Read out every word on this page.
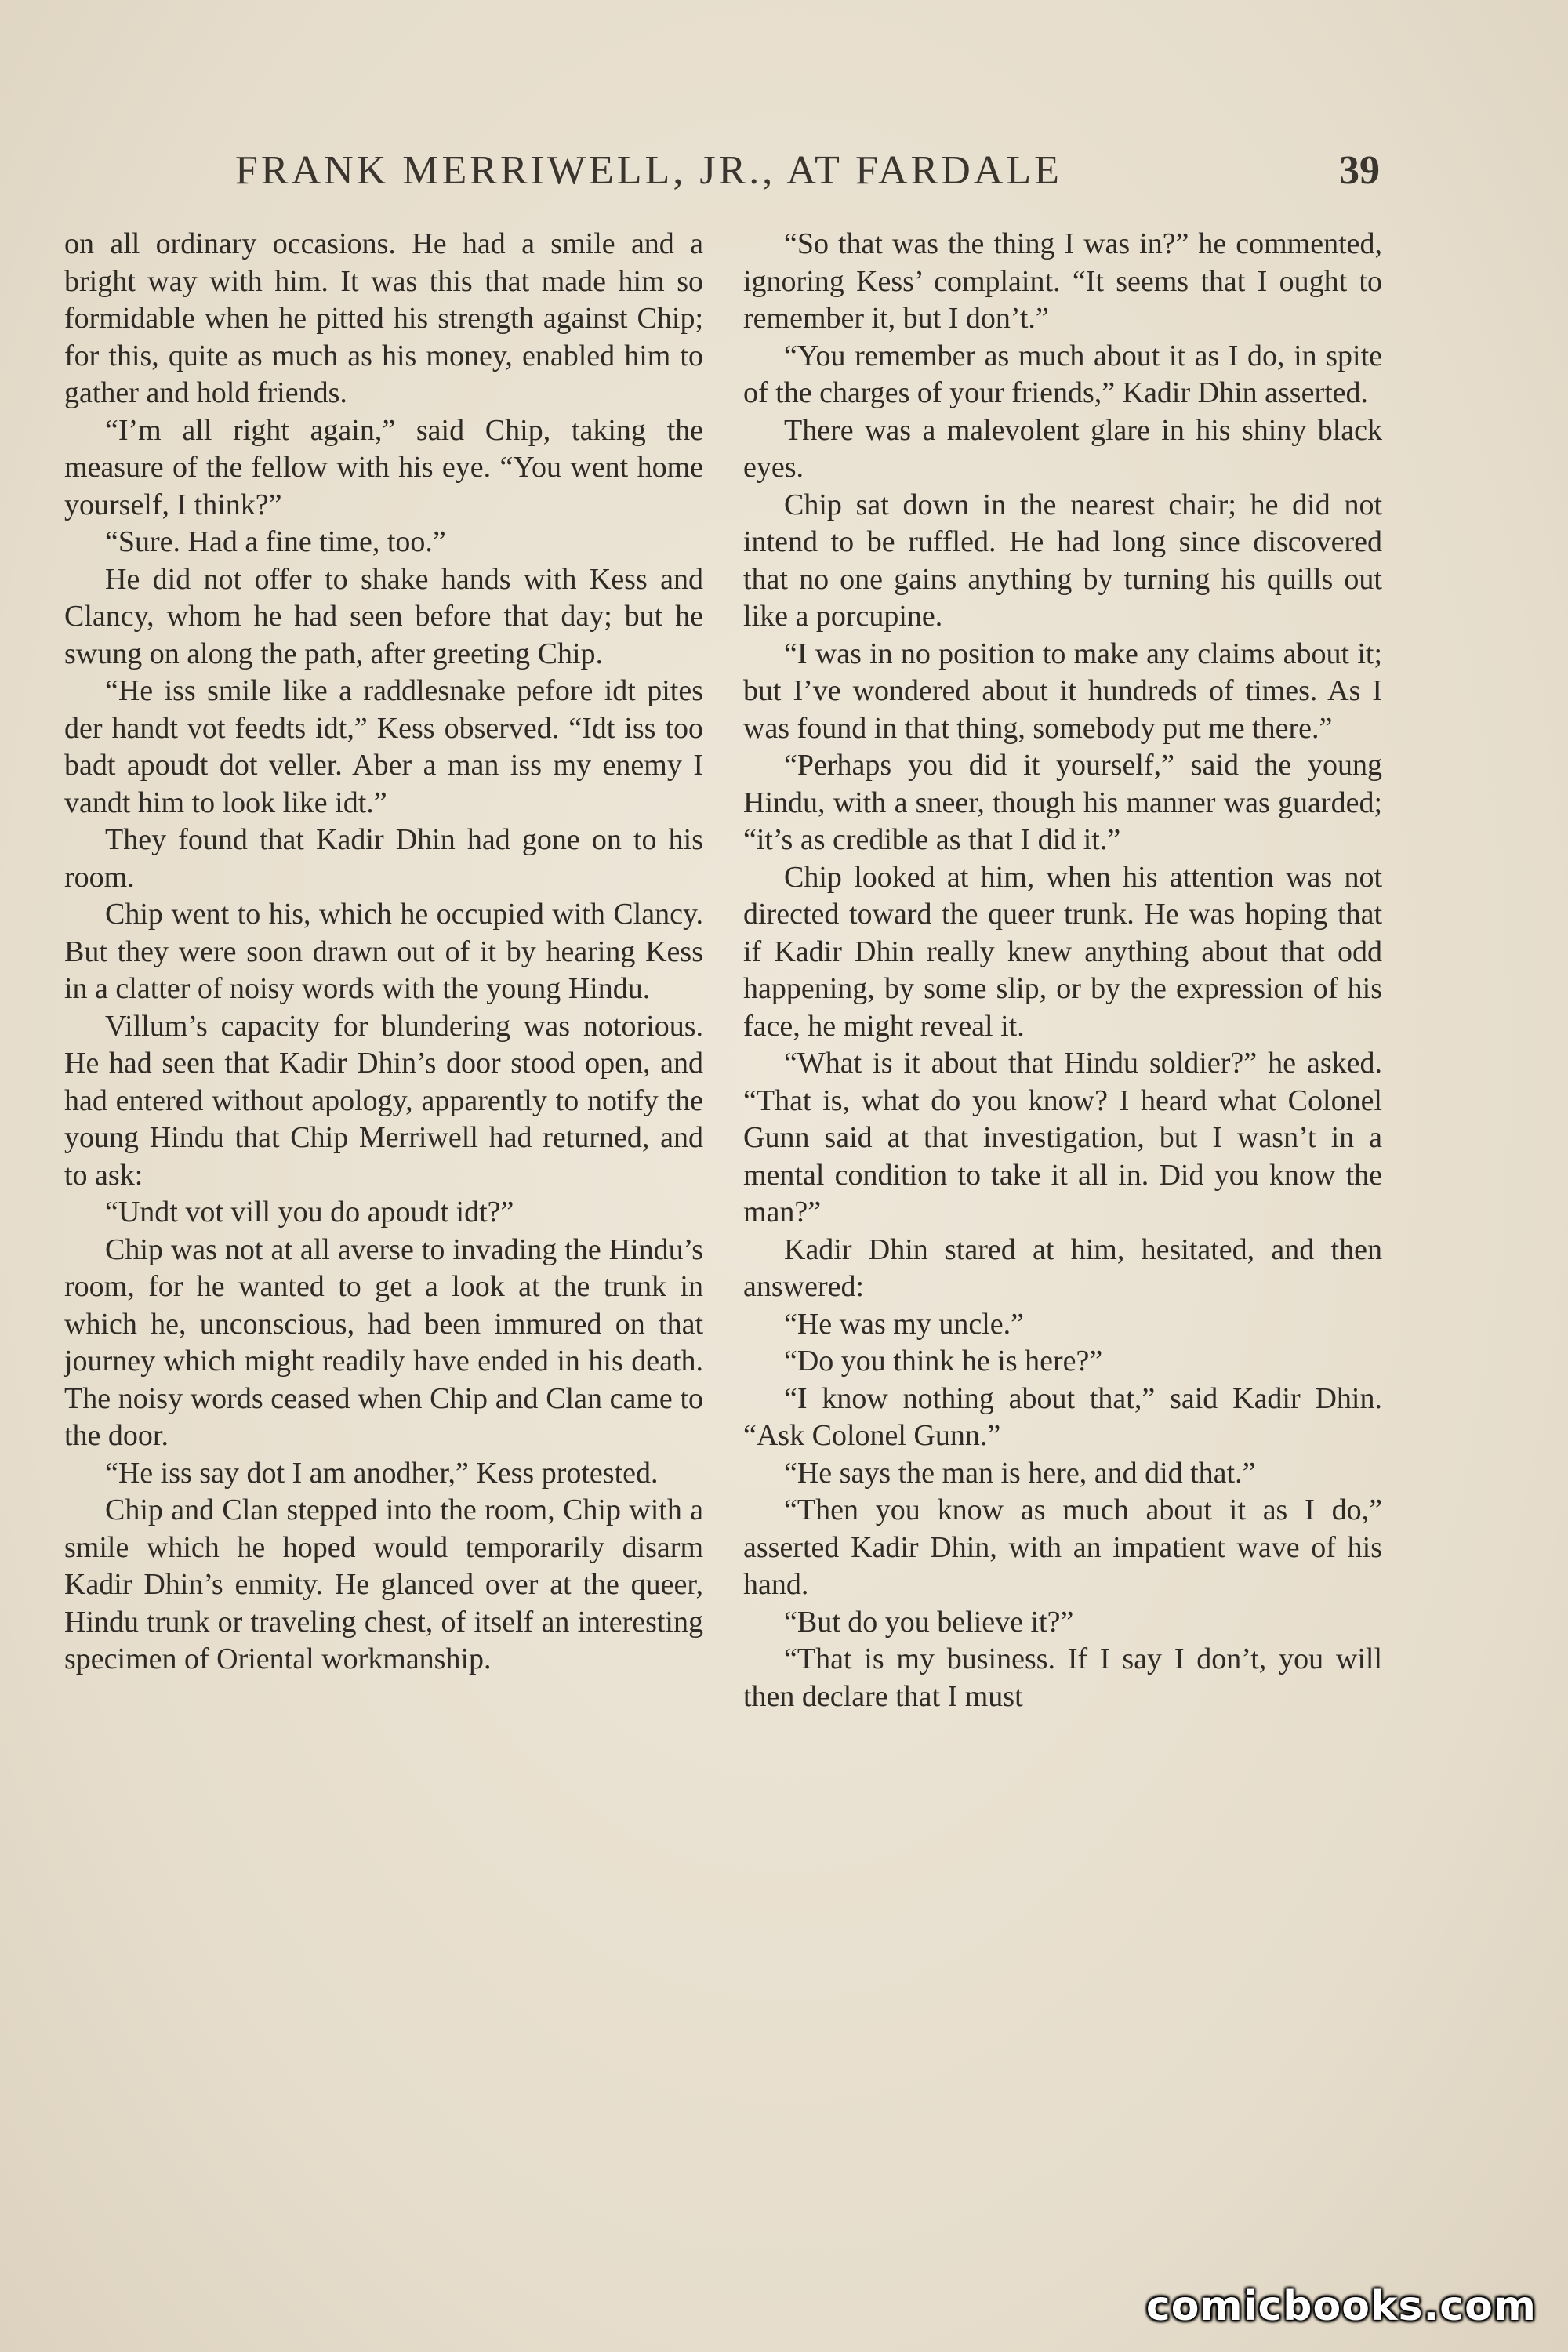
FRANK MERRIWELL, JR., AT FARDALE	39

on all ordinary occasions. He had a smile and a bright way with him. It was this that made him so formidable when he pitted his strength against Chip; for this, quite as much as his money, enabled him to gather and hold friends.

“I’m all right again,” said Chip, taking the measure of the fellow with his eye. “You went home yourself, I think?”

“Sure. Had a fine time, too.”

He did not offer to shake hands with Kess and Clancy, whom he had seen before that day; but he swung on along the path, after greeting Chip.

“He iss smile like a raddlesnake pefore idt pites der handt vot feedts idt,” Kess observed. “Idt iss too badt apoudt dot veller. Aber a man iss my enemy I vandt him to look like idt.”

They found that Kadir Dhin had gone on to his room.

Chip went to his, which he occupied with Clancy. But they were soon drawn out of it by hearing Kess in a clatter of noisy words with the young Hindu.

Villum’s capacity for blundering was notorious. He had seen that Kadir Dhin’s door stood open, and had entered without apology, apparently to notify the young Hindu that Chip Merriwell had returned, and to ask:

“Undt vot vill you do apoudt idt?”

Chip was not at all averse to invading the Hindu’s room, for he wanted to get a look at the trunk in which he, unconscious, had been immured on that journey which might readily have ended in his death. The noisy words ceased when Chip and Clan came to the door.

“He iss say dot I am anodher,” Kess protested.

Chip and Clan stepped into the room, Chip with a smile which he hoped would temporarily disarm Kadir Dhin’s enmity. He glanced over at the queer, Hindu trunk or traveling chest, of itself an interesting specimen of Oriental workmanship.

“So that was the thing I was in?” he commented, ignoring Kess’ complaint. “It seems that I ought to remember it, but I don’t.”

“You remember as much about it as I do, in spite of the charges of your friends,” Kadir Dhin asserted.

There was a malevolent glare in his shiny black eyes.

Chip sat down in the nearest chair; he did not intend to be ruffled. He had long since discovered that no one gains anything by turning his quills out like a porcupine.

“I was in no position to make any claims about it; but I’ve wondered about it hundreds of times. As I was found in that thing, somebody put me there.”

“Perhaps you did it yourself,” said the young Hindu, with a sneer, though his manner was guarded; “it’s as credible as that I did it.”

Chip looked at him, when his attention was not directed toward the queer trunk. He was hoping that if Kadir Dhin really knew anything about that odd happening, by some slip, or by the expression of his face, he might reveal it.

“What is it about that Hindu soldier?” he asked. “That is, what do you know? I heard what Colonel Gunn said at that investigation, but I wasn’t in a mental condition to take it all in. Did you know the man?”

Kadir Dhin stared at him, hesitated, and then answered:

“He was my uncle.”

“Do you think he is here?”

“I know nothing about that,” said Kadir Dhin. “Ask Colonel Gunn.”

“He says the man is here, and did that.”

“Then you know as much about it as I do,” asserted Kadir Dhin, with an impatient wave of his hand.

“But do you believe it?”

“That is my business. If I say I don’t, you will then declare that I must

comicbooks.com
